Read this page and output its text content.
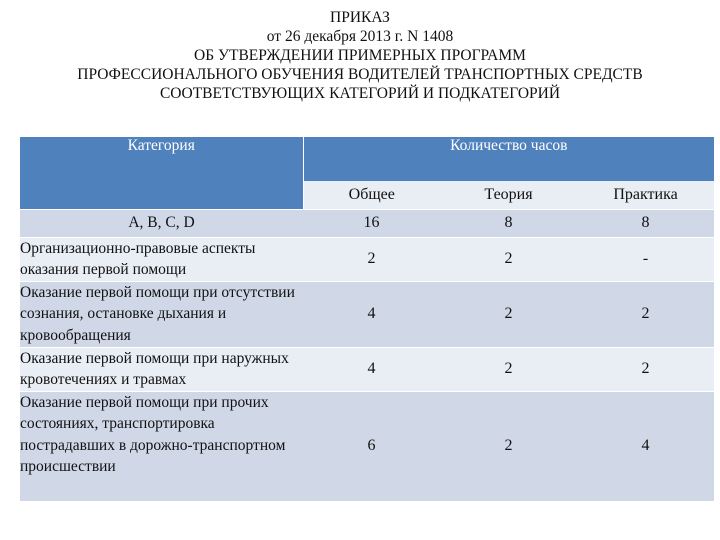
ПРИКАЗ
от 26 декабря 2013 г. N 1408
ОБ УТВЕРЖДЕНИИ ПРИМЕРНЫХ ПРОГРАММ
ПРОФЕССИОНАЛЬНОГО ОБУЧЕНИЯ ВОДИТЕЛЕЙ ТРАНСПОРТНЫХ СРЕДСТВ
СООТВЕТСТВУЮЩИХ КАТЕГОРИЙ И ПОДКАТЕГОРИЙ
Категория	Количество часов		
	Общее	Теория	Практика
А, B, C, D	16	8	8
Организационно-правовые аспекты оказания первой помощи	2	2	-
Оказание первой помощи при отсутствии сознания, остановке дыхания и кровообращения	4	2	2
Оказание первой помощи при наружных кровотечениях и травмах	4	2	2
Оказание первой помощи при прочих состояниях, транспортировка пострадавших в дорожно-транспортном происшествии	6	2	4
